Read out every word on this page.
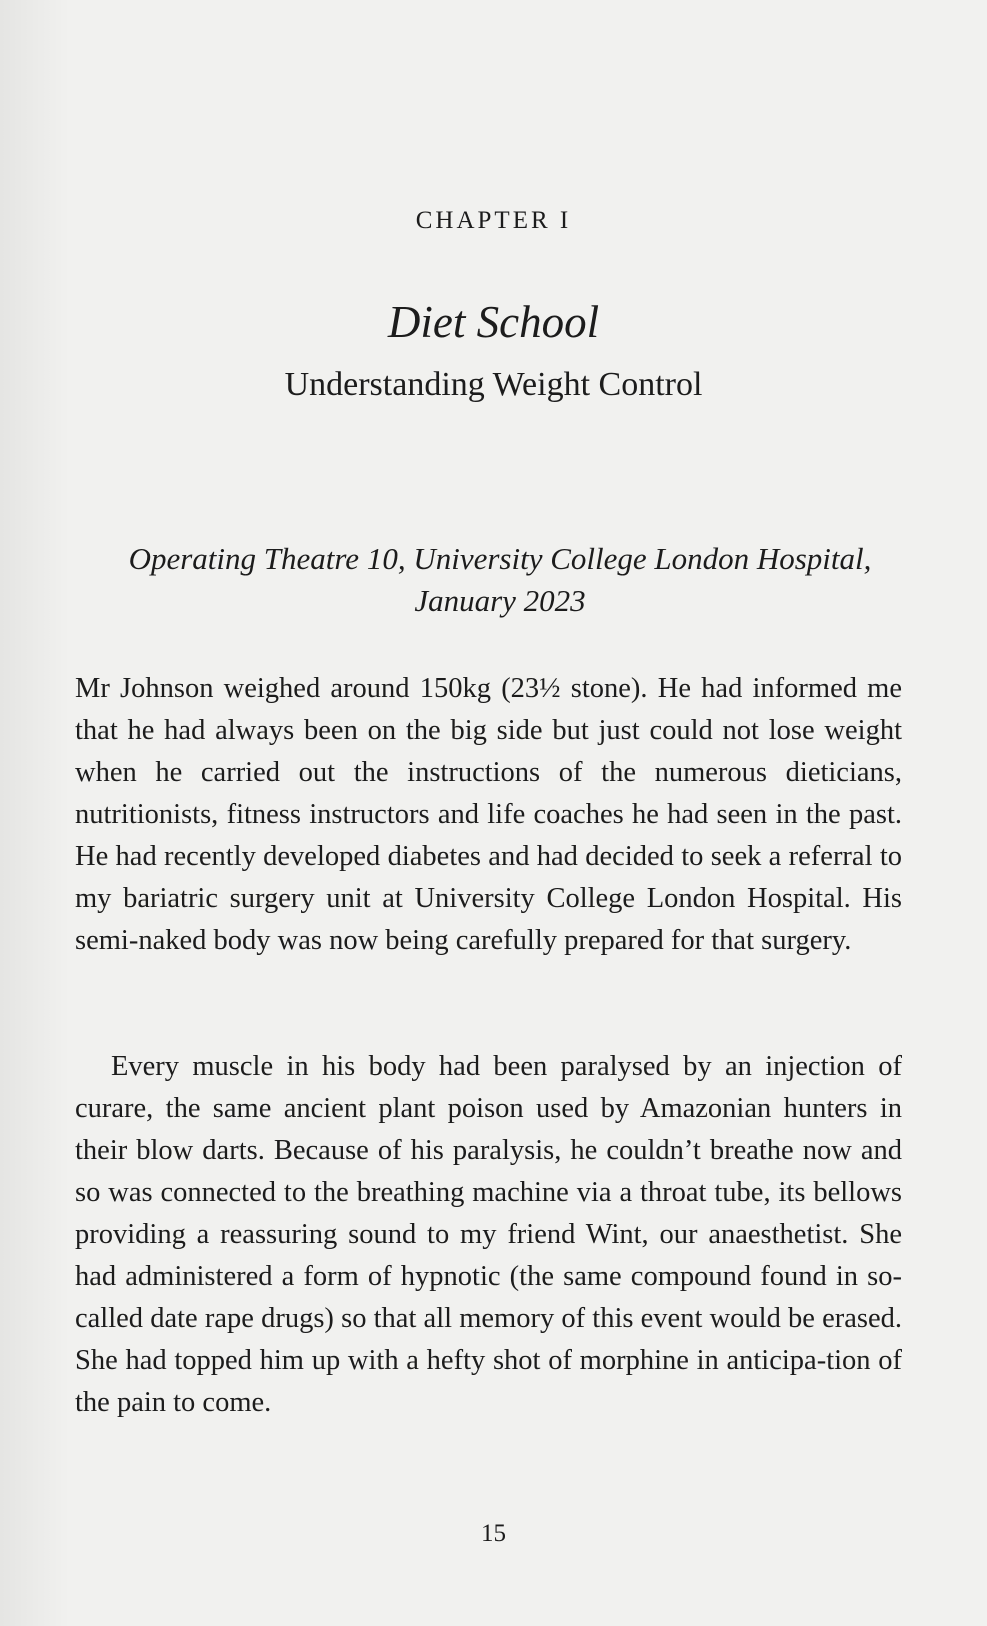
CHAPTER I
Diet School
Understanding Weight Control
Operating Theatre 10, University College London Hospital, January 2023

Mr Johnson weighed around 150kg (23½ stone). He had informed me that he had always been on the big side but just could not lose weight when he carried out the instructions of the numerous dieticians, nutritionists, fitness instructors and life coaches he had seen in the past. He had recently developed diabetes and had decided to seek a referral to my bariatric surgery unit at University College London Hospital. His semi-naked body was now being carefully prepared for that surgery.

Every muscle in his body had been paralysed by an injection of curare, the same ancient plant poison used by Amazonian hunters in their blow darts. Because of his paralysis, he couldn’t breathe now and so was connected to the breathing machine via a throat tube, its bellows providing a reassuring sound to my friend Wint, our anaesthetist. She had administered a form of hypnotic (the same compound found in so-called date rape drugs) so that all memory of this event would be erased. She had topped him up with a hefty shot of morphine in anticipa-tion of the pain to come.

15
